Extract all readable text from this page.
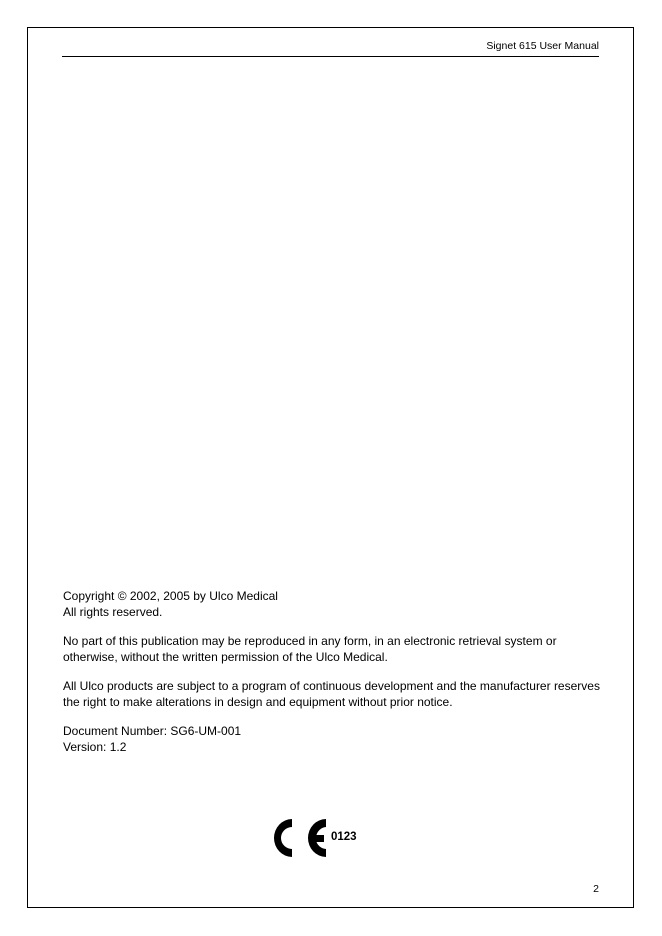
Signet 615 User Manual

Copyright © 2002, 2005 by Ulco Medical
All rights reserved.

No part of this publication may be reproduced in any form, in an electronic retrieval system or otherwise, without the written permission of the Ulco Medical.

All Ulco products are subject to a program of continuous development and the manufacturer reserves the right to make alterations in design and equipment without prior notice.

Document Number: SG6-UM-001
Version: 1.2

0123
2
